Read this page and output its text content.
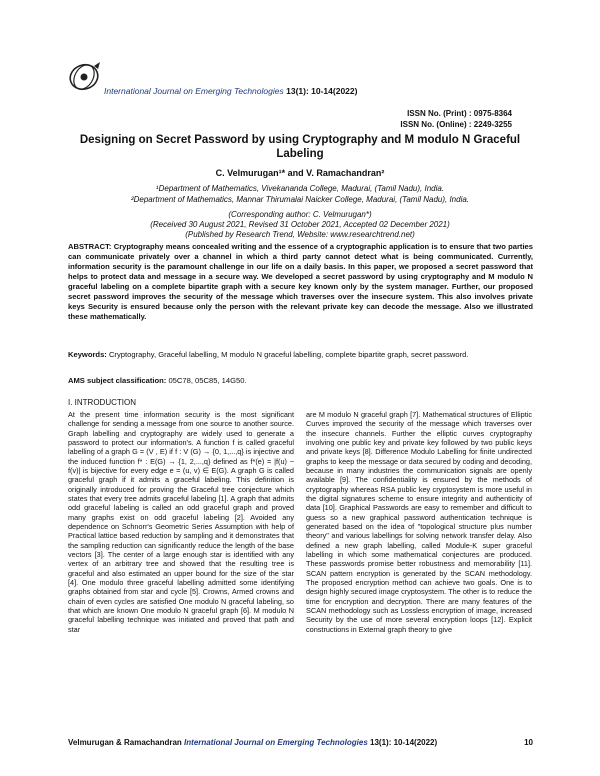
International Journal on Emerging Technologies 13(1): 10-14(2022)
ISSN No. (Print) : 0975-8364
ISSN No. (Online) : 2249-3255
Designing on Secret Password by using Cryptography and M modulo N Graceful Labeling
C. Velmurugan¹* and V. Ramachandran²
¹Department of Mathematics, Vivekananda College, Madurai, (Tamil Nadu), India.
²Department of Mathematics, Mannar Thirumalai Naicker College, Madurai, (Tamil Nadu), India.
(Corresponding author: C. Velmurugan*)
(Received 30 August 2021, Revised 31 October 2021, Accepted 02 December 2021)
(Published by Research Trend, Website: www.researchtrend.net)
ABSTRACT: Cryptography means concealed writing and the essence of a cryptographic application is to ensure that two parties can communicate privately over a channel in which a third party cannot detect what is being communicated. Currently, information security is the paramount challenge in our life on a daily basis. In this paper, we proposed a secret password that helps to protect data and message in a secure way. We developed a secret password by using cryptography and M modulo N graceful labeling on a complete bipartite graph with a secure key known only by the system manager. Further, our proposed secret password improves the security of the message which traverses over the insecure system. This also involves private keys Security is ensured because only the person with the relevant private key can decode the message. Also we illustrated these mathematically.
Keywords: Cryptography, Graceful labelling, M modulo N graceful labelling, complete bipartite graph, secret password.
AMS subject classification: 05C78, 05C85, 14G50.
I. INTRODUCTION
At the present time information security is the most significant challenge for sending a message from one source to another source. Graph labelling and cryptography are widely used to generate a password to protect our information's. A function f is called graceful labelling of a graph G = (V , E) if f : V (G) → {0, 1,...,q} is injective and the induced function f* : E(G) → {1, 2,...,q} defined as f*(e) = |f(u) − f(v)| is bijective for every edge e = (u, v) ∈ E(G). A graph G is called graceful graph if it admits a graceful labeling. This definition is originally introduced for proving the Graceful tree conjecture which states that every tree admits graceful labeling [1]. A graph that admits odd graceful labeling is called an odd graceful graph and proved many graphs exist on odd graceful labeling [2]. Avoided any dependence on Schnorr's Geometric Series Assumption with help of Practical lattice based reduction by sampling and it demonstrates that the sampling reduction can significantly reduce the length of the base vectors [3]. The center of a large enough star is identified with any vertex of an arbitrary tree and showed that the resulting tree is graceful and also estimated an upper bound for the size of the star [4]. One modulo three graceful labelling admitted some identifying graphs obtained from star and cycle [5]. Crowns, Armed crowns and chain of even cycles are satisfied One modulo N graceful labeling, so that which are known One modulo N graceful graph [6]. M modulo N graceful labelling technique was initiated and proved that path and star
are M modulo N graceful graph [7]. Mathematical structures of Elliptic Curves improved the security of the message which traverses over the insecure channels. Further the elliptic curves cryptography involving one public key and private key followed by two public keys and private keys [8]. Difference Modulo Labelling for finite undirected graphs to keep the message or data secured by coding and decoding, because in many industries the communication signals are openly available [9]. The confidentiality is ensured by the methods of cryptography whereas RSA public key cryptosystem is more useful in the digital signatures scheme to ensure integrity and authenticity of data [10]. Graphical Passwords are easy to remember and difficult to guess so a new graphical password authentication technique is generated based on the idea of "topological structure plus number theory" and various labellings for solving network transfer delay. Also defined a new graph labelling, called Module-K super graceful labelling in which some mathematical conjectures are produced. These passwords promise better robustness and memorability [11]. SCAN pattern encryption is generated by the SCAN methodology. The proposed encryption method can achieve two goals. One is to design highly secured image cryptosystem. The other is to reduce the time for encryption and decryption. There are many features of the SCAN methodology such as Lossless encryption of image, increased Security by the use of more several encryption loops [12]. Explicit constructions in External graph theory to give
Velmurugan & Ramachandran International Journal on Emerging Technologies 13(1): 10-14(2022)	10
